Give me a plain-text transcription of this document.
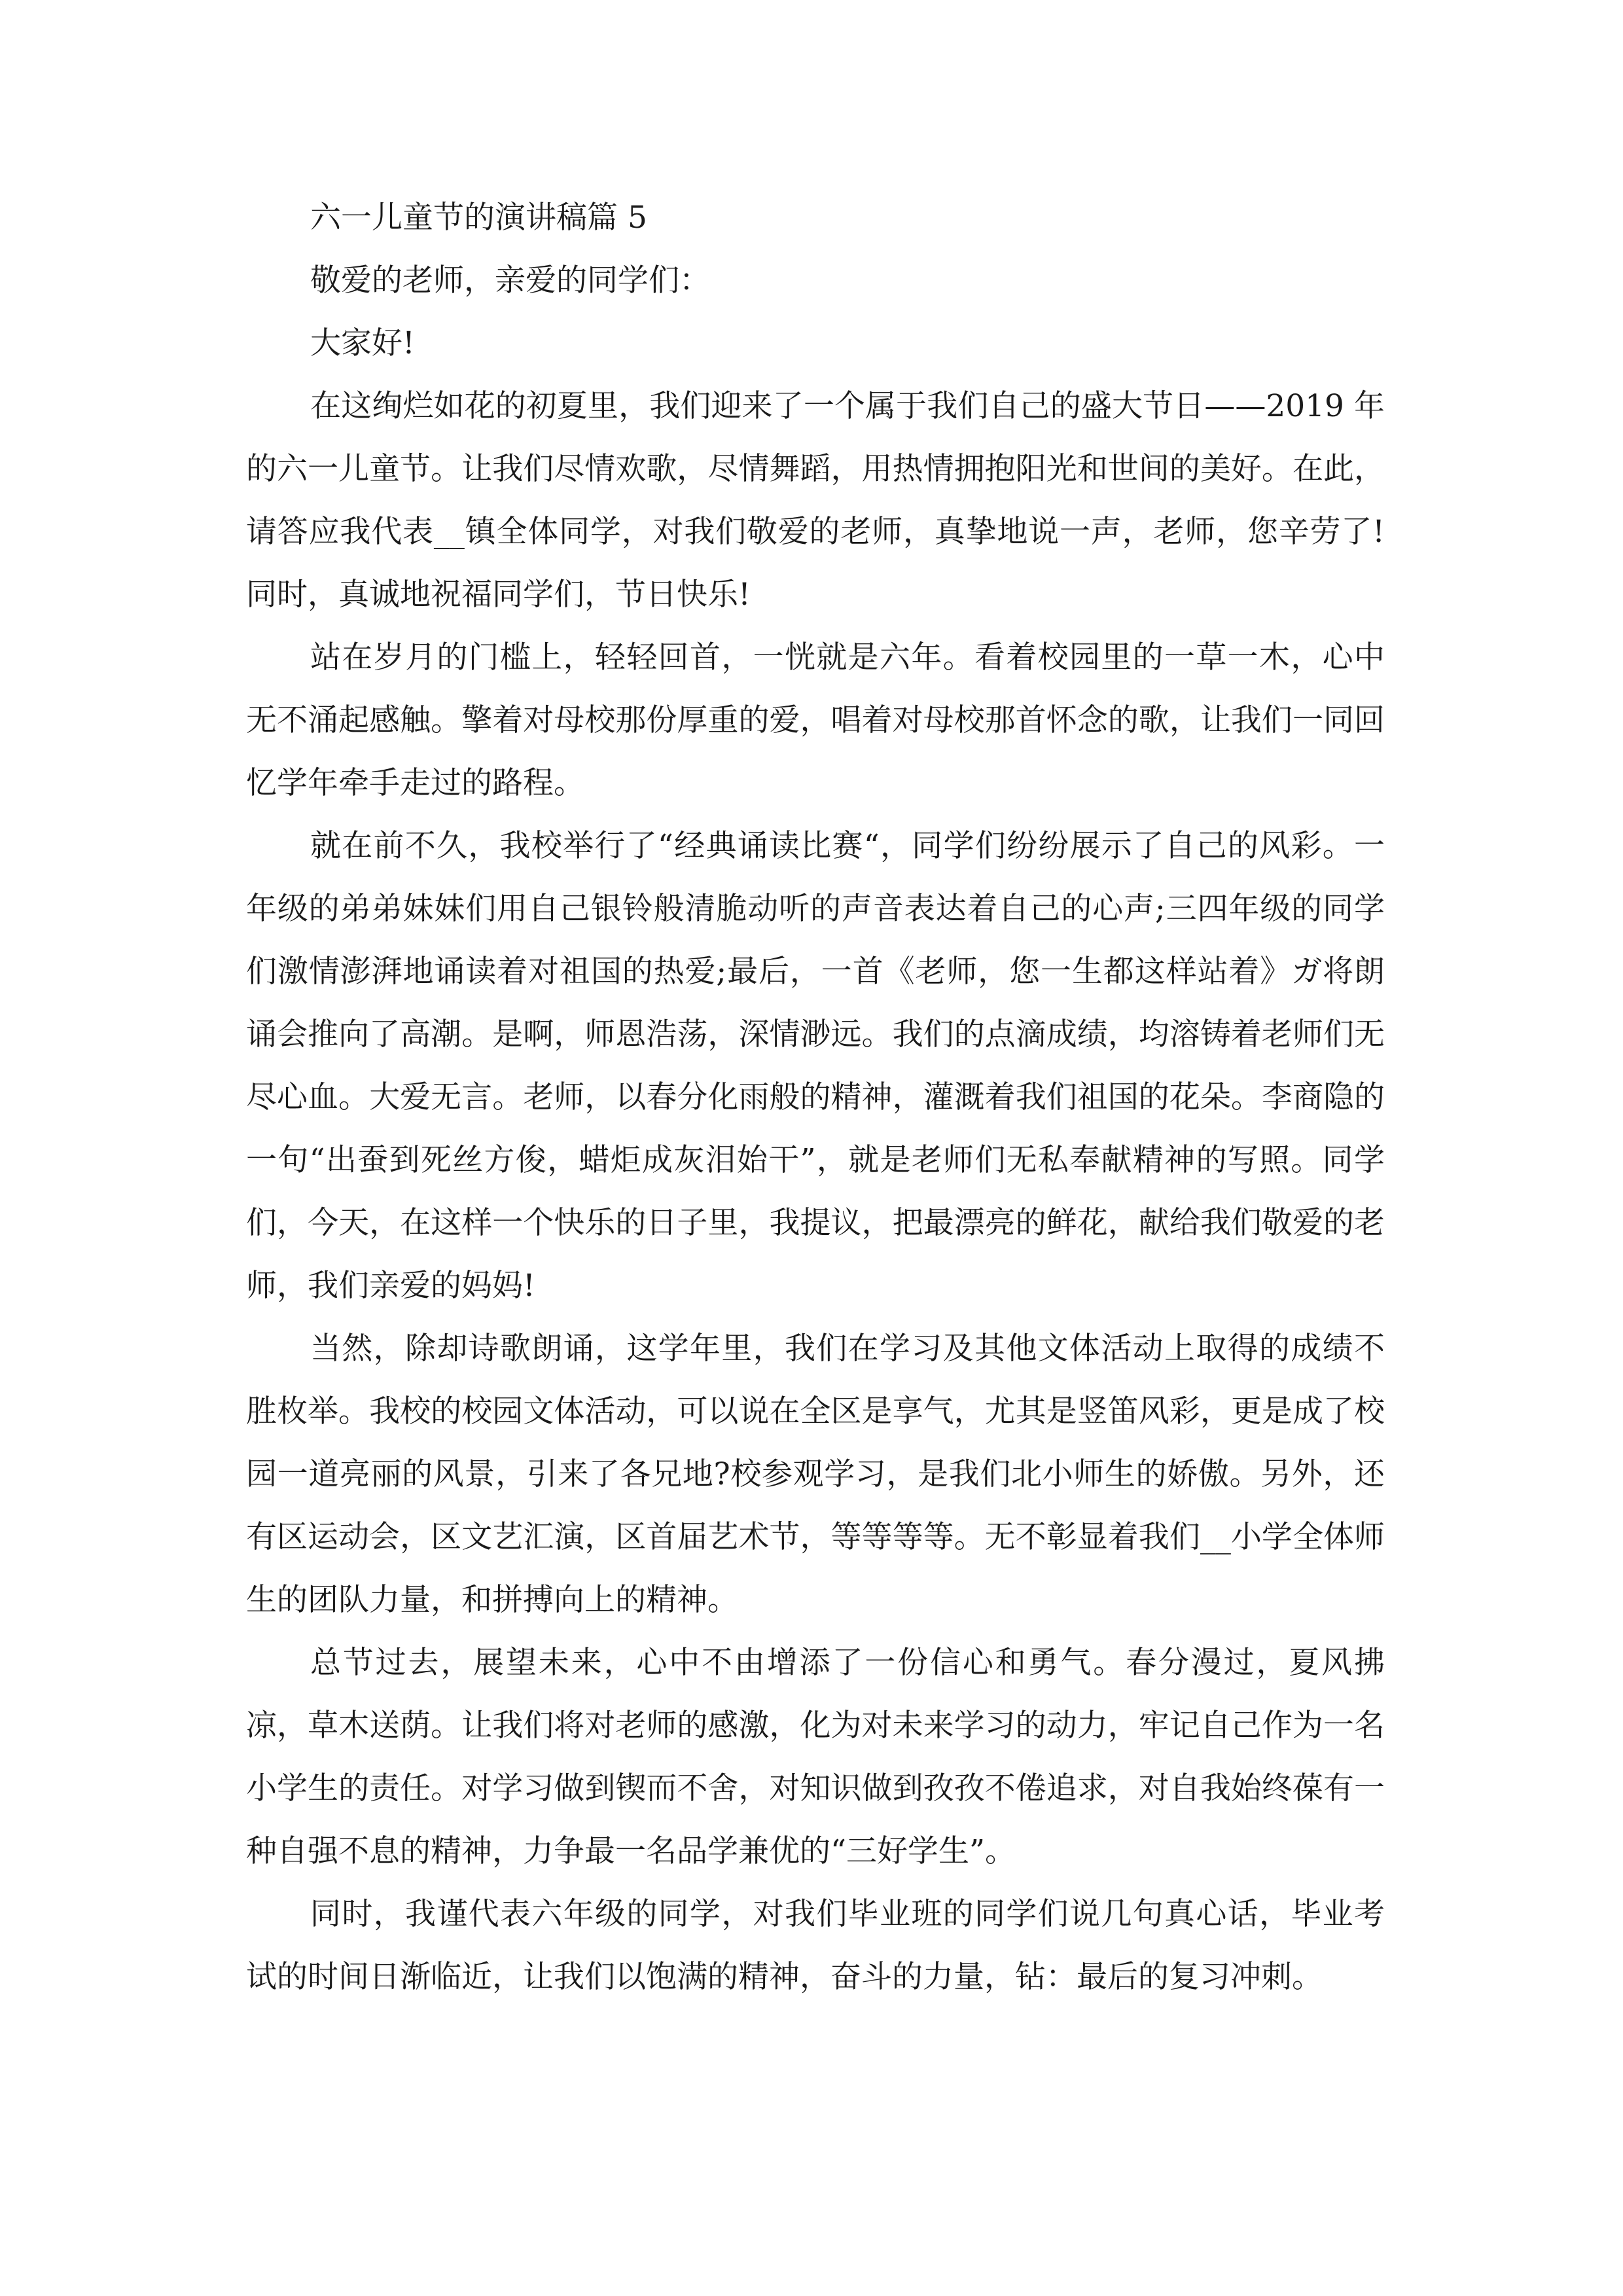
六一儿童节的演讲稿篇 5

敬爱的老师，亲爱的同学们：

大家好!

在这绚烂如花的初夏里，我们迎来了一个属于我们自己的盛大节日——2019 年的六一儿童节。让我们尽情欢歌，尽情舞蹈，用热情拥抱阳光和世间的美好。在此，请答应我代表__镇全体同学，对我们敬爱的老师，真挚地说一声，老师，您辛劳了!同时，真诚地祝福同学们，节日快乐!

站在岁月的门槛上，轻轻回首，一恍就是六年。看着校园里的一草一木，心中无不涌起感触。擎着对母校那份厚重的爱，唱着对母校那首怀念的歌，让我们一同回忆学年牵手走过的路程。

就在前不久，我校举行了“经典诵读比赛“，同学们纷纷展示了自己的风彩。一年级的弟弟妹妹们用自己银铃般清脆动听的声音表达着自己的心声;三四年级的同学们激情澎湃地诵读着对祖国的热爱;最后，一首《老师，您一生都这样站着》ガ将朗诵会推向了高潮。是啊，师恩浩荡，深情渺远。我们的点滴成绩，均溶铸着老师们无尽心血。大爱无言。老师，以春分化雨般的精神，灌溉着我们祖国的花朵。李商隐的一句“出蚕到死丝方俊，蜡炬成灰泪始干”，就是老师们无私奉献精神的写照。同学们，今天，在这样一个快乐的日子里，我提议，把最漂亮的鲜花，献给我们敬爱的老师，我们亲爱的妈妈!

当然，除却诗歌朗诵，这学年里，我们在学习及其他文体活动上取得的成绩不胜枚举。我校的校园文体活动，可以说在全区是享气，尤其是竖笛风彩，更是成了校园一道亮丽的风景，引来了各兄地?校参观学习，是我们北小师生的娇傲。另外，还有区运动会，区文艺汇演，区首届艺术节，等等等等。无不彰显着我们__小学全体师生的团队力量，和拼搏向上的精神。

总节过去，展望未来，心中不由增添了一份信心和勇气。春分漫过，夏风拂凉，草木送荫。让我们将对老师的感激，化为对未来学习的动力，牢记自己作为一名小学生的责任。对学习做到锲而不舍，对知识做到孜孜不倦追求，对自我始终葆有一种自强不息的精神，力争最一名品学兼优的“三好学生”。

同时，我谨代表六年级的同学，对我们毕业班的同学们说几句真心话，毕业考试的时间日渐临近，让我们以饱满的精神，奋斗的力量，钻：最后的复习冲刺。
